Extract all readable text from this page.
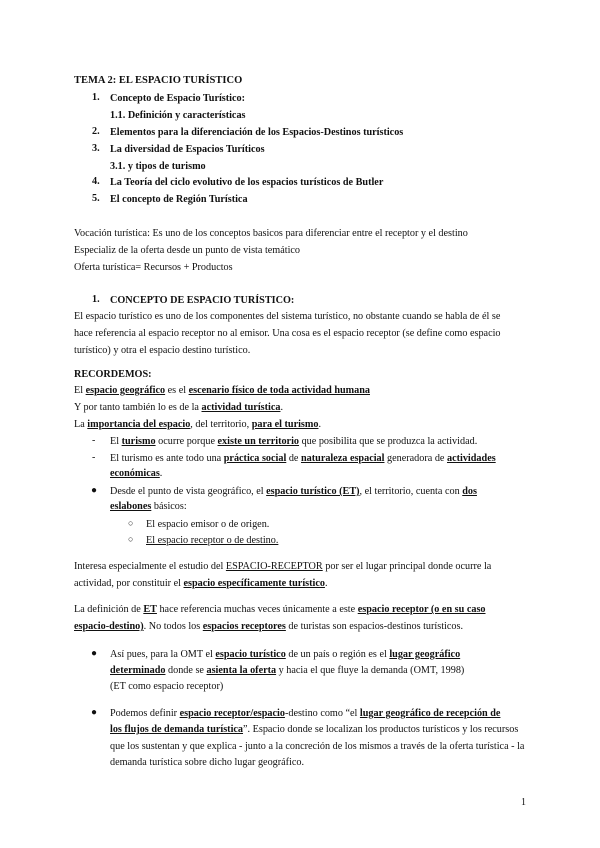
TEMA 2: EL ESPACIO TURÍSTICO
1. Concepto de Espacio Turístico:
1.1. Definición y características
2. Elementos para la diferenciación de los Espacios-Destinos turísticos
3. La diversidad de Espacios Turíticos
3.1. y tipos de turismo
4. La Teoría del ciclo evolutivo de los espacios turísticos de Butler
5. El concepto de Región Turística
Vocación turística: Es uno de los conceptos basicos para diferenciar entre el receptor y el destino
Especializ de la oferta desde un punto de vista temático
Oferta turística= Recursos + Productos
1. CONCEPTO DE ESPACIO TURÍSTICO:
El espacio turístico es uno de los componentes del sistema turístico, no obstante cuando se habla de él se
hace referencia al espacio receptor no al emisor. Una cosa es el espacio receptor (se define como espacio
turístico) y otra el espacio destino turístico.
RECORDEMOS:
El espacio geográfico es el escenario físico de toda actividad humana
Y por tanto también lo es de la actividad turística.
La importancia del espacio, del territorio, para el turismo.
- El turismo ocurre porque existe un territorio que posibilita que se produzca la actividad.
- El turismo es ante todo una práctica social de naturaleza espacial generadora de actividades
económicas.
● Desde el punto de vista geográfico, el espacio turístico (ET), el territorio, cuenta con dos
eslabones básicos:
○ El espacio emisor o de origen.
○ El espacio receptor o de destino.
Interesa especialmente el estudio del ESPACIO-RECEPTOR por ser el lugar principal donde ocurre la
actividad, por constituir el espacio específicamente turístico.
La definición de ET hace referencia muchas veces únicamente a este espacio receptor (o en su caso
espacio-destino). No todos los espacios receptores de turistas son espacios-destinos turísticos.
● Así pues, para la OMT el espacio turístico de un país o región es el lugar geográfico
determinado donde se asienta la oferta y hacia el que fluye la demanda (OMT, 1998)
(ET como espacio receptor)
● Podemos definir espacio receptor/espacio-destino como “el lugar geográfico de recepción de
los flujos de demanda turística”. Espacio donde se localizan los productos turísticos y los recursos
que los sustentan y que explica - junto a la concreción de los mismos a través de la oferta turística - la
demanda turística sobre dicho lugar geográfico.
1
